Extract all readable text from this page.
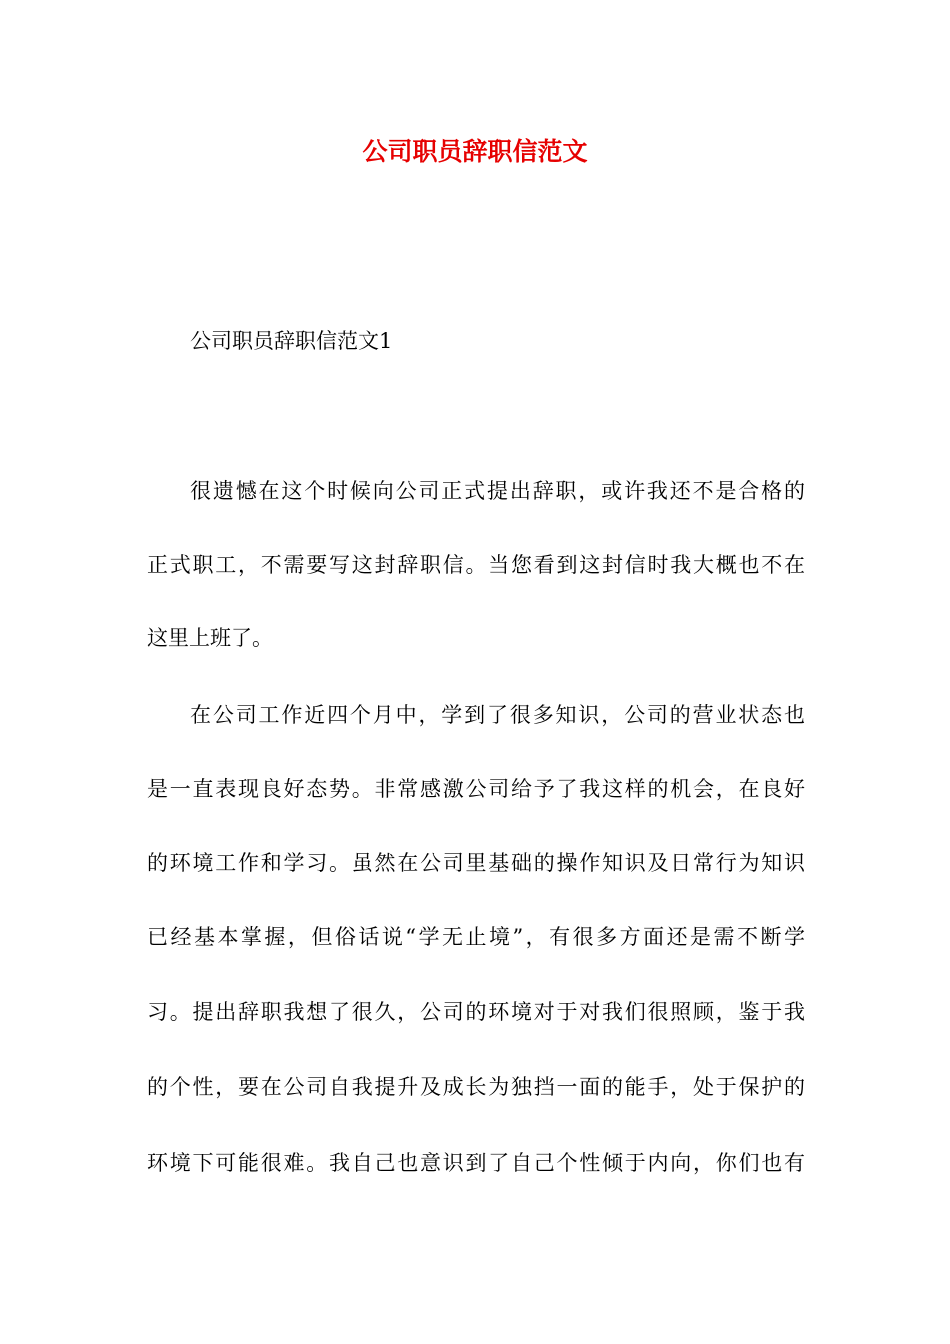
公司职员辞职信范文

公司职员辞职信范文1

很遗憾在这个时候向公司正式提出辞职，或许我还不是合格的

正式职工，不需要写这封辞职信。当您看到这封信时我大概也不在

这里上班了。

在公司工作近四个月中，学到了很多知识，公司的营业状态也

是一直表现良好态势。非常感激公司给予了我这样的机会，在良好

的环境工作和学习。虽然在公司里基础的操作知识及日常行为知识

已经基本掌握，但俗话说“学无止境”，有很多方面还是需不断学

习。提出辞职我想了很久，公司的环境对于对我们很照顾，鉴于我

的个性，要在公司自我提升及成长为独挡一面的能手，处于保护的

环境下可能很难。我自己也意识到了自己个性倾于内向，你们也有
